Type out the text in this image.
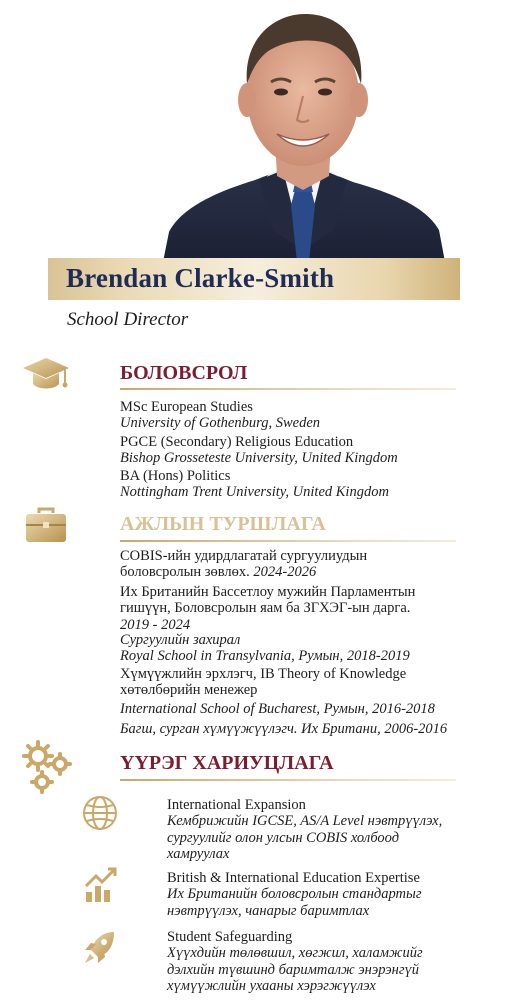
Brendan Clarke-Smith
School Director
БОЛОВСРОЛ
MSc European Studies
University of Gothenburg, Sweden
PGCE (Secondary) Religious Education
Bishop Grosseteste University, United Kingdom
BA (Hons) Politics
Nottingham Trent University, United Kingdom
АЖЛЫН ТУРШЛАГА
COBIS-ийн удирдлагатай сургуулиудын
боловсролын зөвлөх. 2024-2026
Их Британийн Бассетлоу мужийн Парламентын
гишүүн, Боловсролын яам ба ЗГХЭГ-ын дарга.
2019 - 2024
Сургуулийн захирал
Royal School in Transylvania, Румын, 2018-2019
Хүмүүжлийн эрхлэгч, IB Theory of Knowledge
хөтөлбөрийн менежер
International School of Bucharest, Румын, 2016-2018
Багш, сурган хүмүүжүүлэгч. Их Британи, 2006-2016
ҮҮРЭГ ХАРИУЦЛАГА
International Expansion
Кембрижийн IGCSE, AS/A Level нэвтрүүлэх,
сургуулийг олон улсын COBIS холбоод
хамруулах
British & International Education Expertise
Их Британийн боловсролын стандартыг
нэвтрүүлэх, чанарыг баримтлах
Student Safeguarding
Хүүхдийн төлөвшил, хөгжил, халамжийг
дэлхийн түвшинд баримталж энэрэнгүй
хүмүүжлийн ухааны хэрэгжүүлэх
